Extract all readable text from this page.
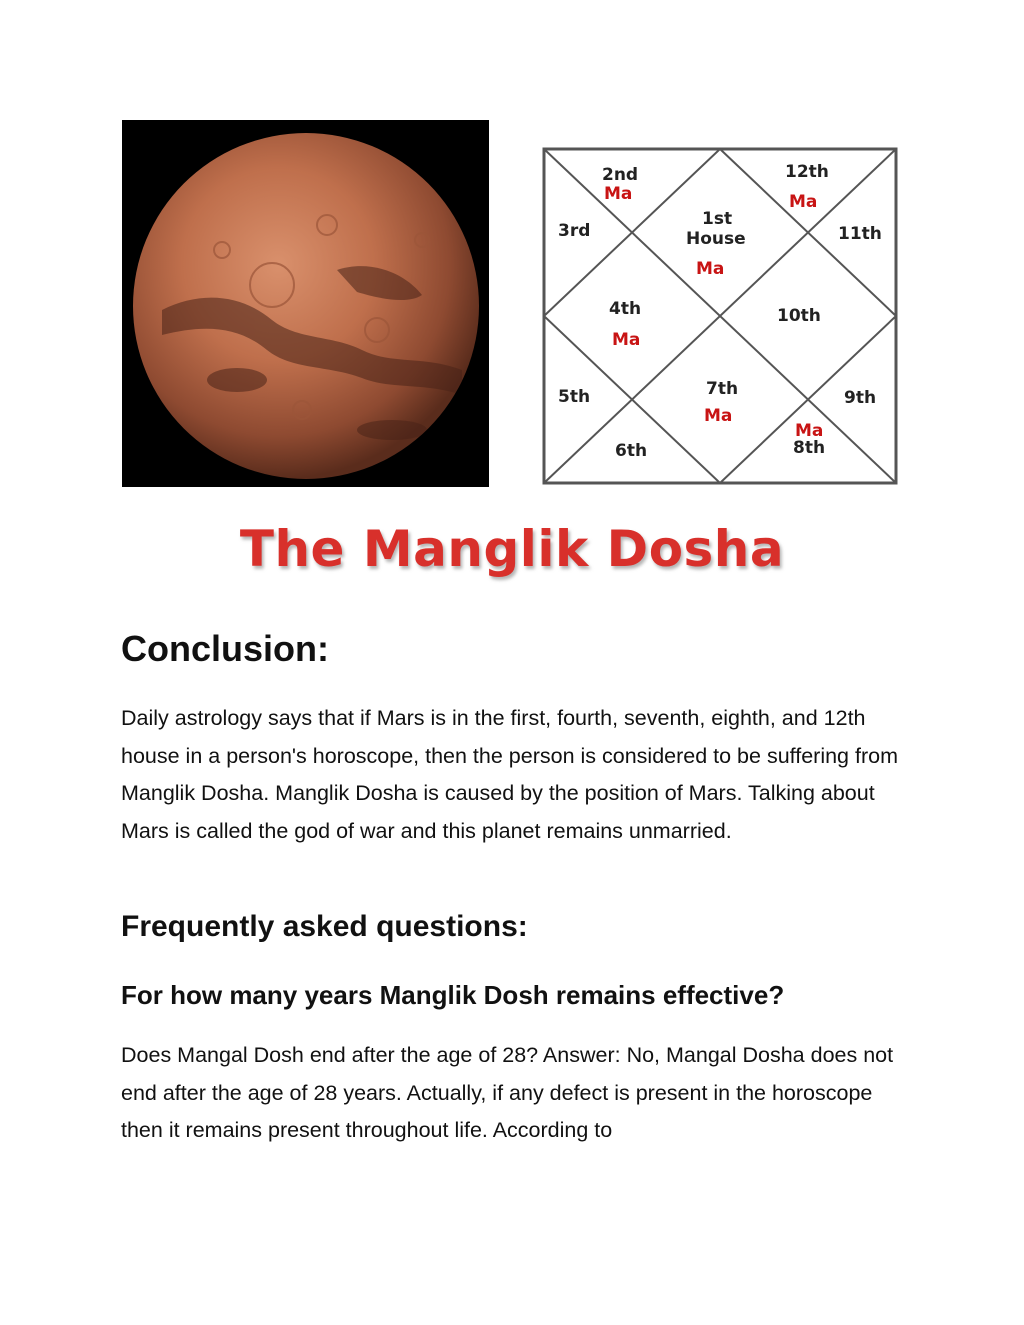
2nd
Ma
12th
Ma
3rd	11th
1st
House
Ma
4th
Ma
10th
5th	7th
Ma
9th
Ma
8th
6th
The Manglik Dosha
Conclusion:
Daily astrology says that if Mars is in the first, fourth, seventh, eighth, and 12th house in a person's horoscope, then the person is considered to be suffering from Manglik Dosha. Manglik Dosha is caused by the position of Mars. Talking about Mars is called the god of war and this planet remains unmarried.
Frequently asked questions:
For how many years Manglik Dosh remains effective?
Does Mangal Dosh end after the age of 28? Answer: No, Mangal Dosha does not end after the age of 28 years. Actually, if any defect is present in the horoscope then it remains present throughout life. According to
